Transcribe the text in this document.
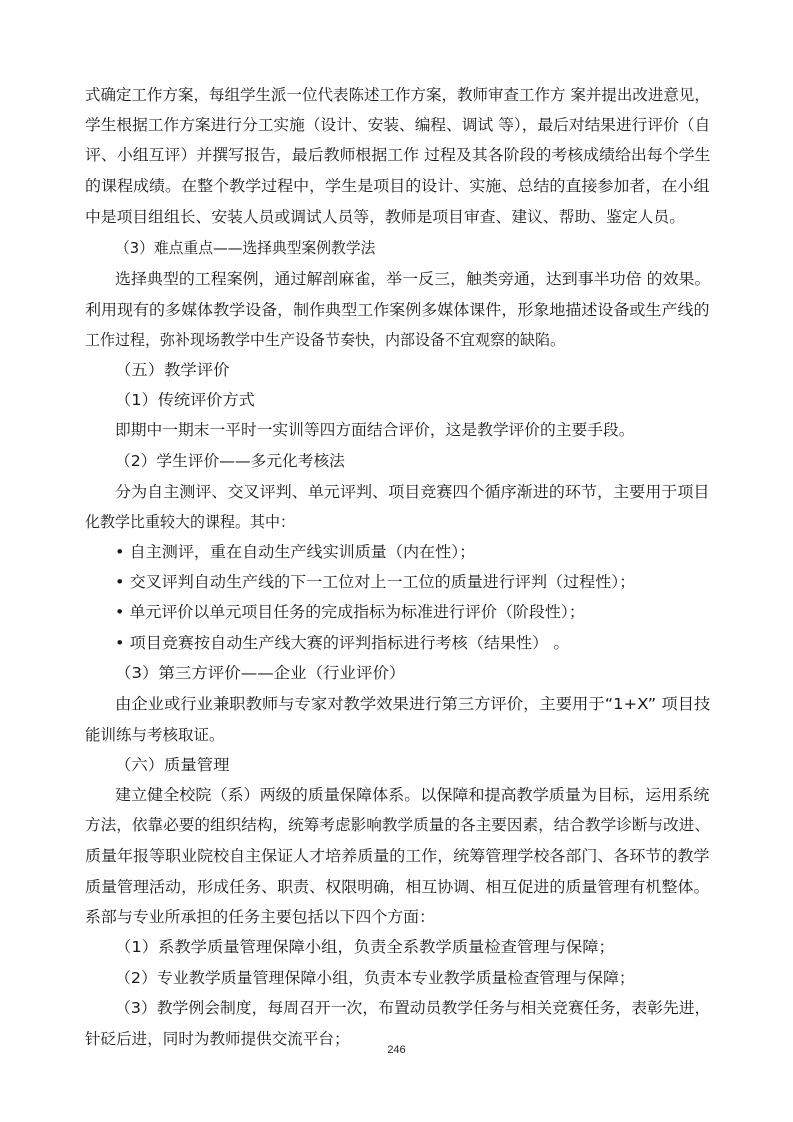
式确定工作方案，每组学生派一位代表陈述工作方案，教师审查工作方 案并提出改进意见，
学生根据工作方案进行分工实施（设计、安装、编程、调试 等），最后对结果进行评价（自
评、小组互评）并撰写报告，最后教师根据工作 过程及其各阶段的考核成绩给出每个学生
的课程成绩。在整个教学过程中，学生是项目的设计、实施、总结的直接参加者，在小组
中是项目组组长、安装人员或调试人员等，教师是项目审查、建议、帮助、鉴定人员。
（3）难点重点——选择典型案例教学法
选择典型的工程案例，通过解剖麻雀，举一反三，触类旁通，达到事半功倍 的效果。
利用现有的多媒体教学设备，制作典型工作案例多媒体课件，形象地描述设备或生产线的
工作过程，弥补现场教学中生产设备节奏快，内部设备不宜观察的缺陷。
（五）教学评价
（1）传统评价方式
即期中一期末一平时一实训等四方面结合评价，这是教学评价的主要手段。
（2）学生评价——多元化考核法
分为自主测评、交叉评判、单元评判、项目竞赛四个循序渐进的环节，主要用于项目
化教学比重较大的课程。其中：
• 自主测评，重在自动生产线实训质量（内在性）；
• 交叉评判自动生产线的下一工位对上一工位的质量进行评判（过程性）；
• 单元评价以单元项目任务的完成指标为标准进行评价（阶段性）；
• 项目竞赛按自动生产线大赛的评判指标进行考核（结果性） 。
（3）第三方评价——企业（行业评价）
由企业或行业兼职教师与专家对教学效果进行第三方评价，主要用于“1+X” 项目技
能训练与考核取证。
（六）质量管理
建立健全校院（系）两级的质量保障体系。以保障和提高教学质量为目标，运用系统
方法，依靠必要的组织结构，统筹考虑影响教学质量的各主要因素，结合教学诊断与改进、
质量年报等职业院校自主保证人才培养质量的工作，统筹管理学校各部门、各环节的教学
质量管理活动，形成任务、职责、权限明确，相互协调、相互促进的质量管理有机整体。
系部与专业所承担的任务主要包括以下四个方面：
（1）系教学质量管理保障小组，负责全系教学质量检查管理与保障；
（2）专业教学质量管理保障小组，负责本专业教学质量检查管理与保障；
（3）教学例会制度，每周召开一次，布置动员教学任务与相关竞赛任务，表彰先进，
针砭后进，同时为教师提供交流平台；
246
